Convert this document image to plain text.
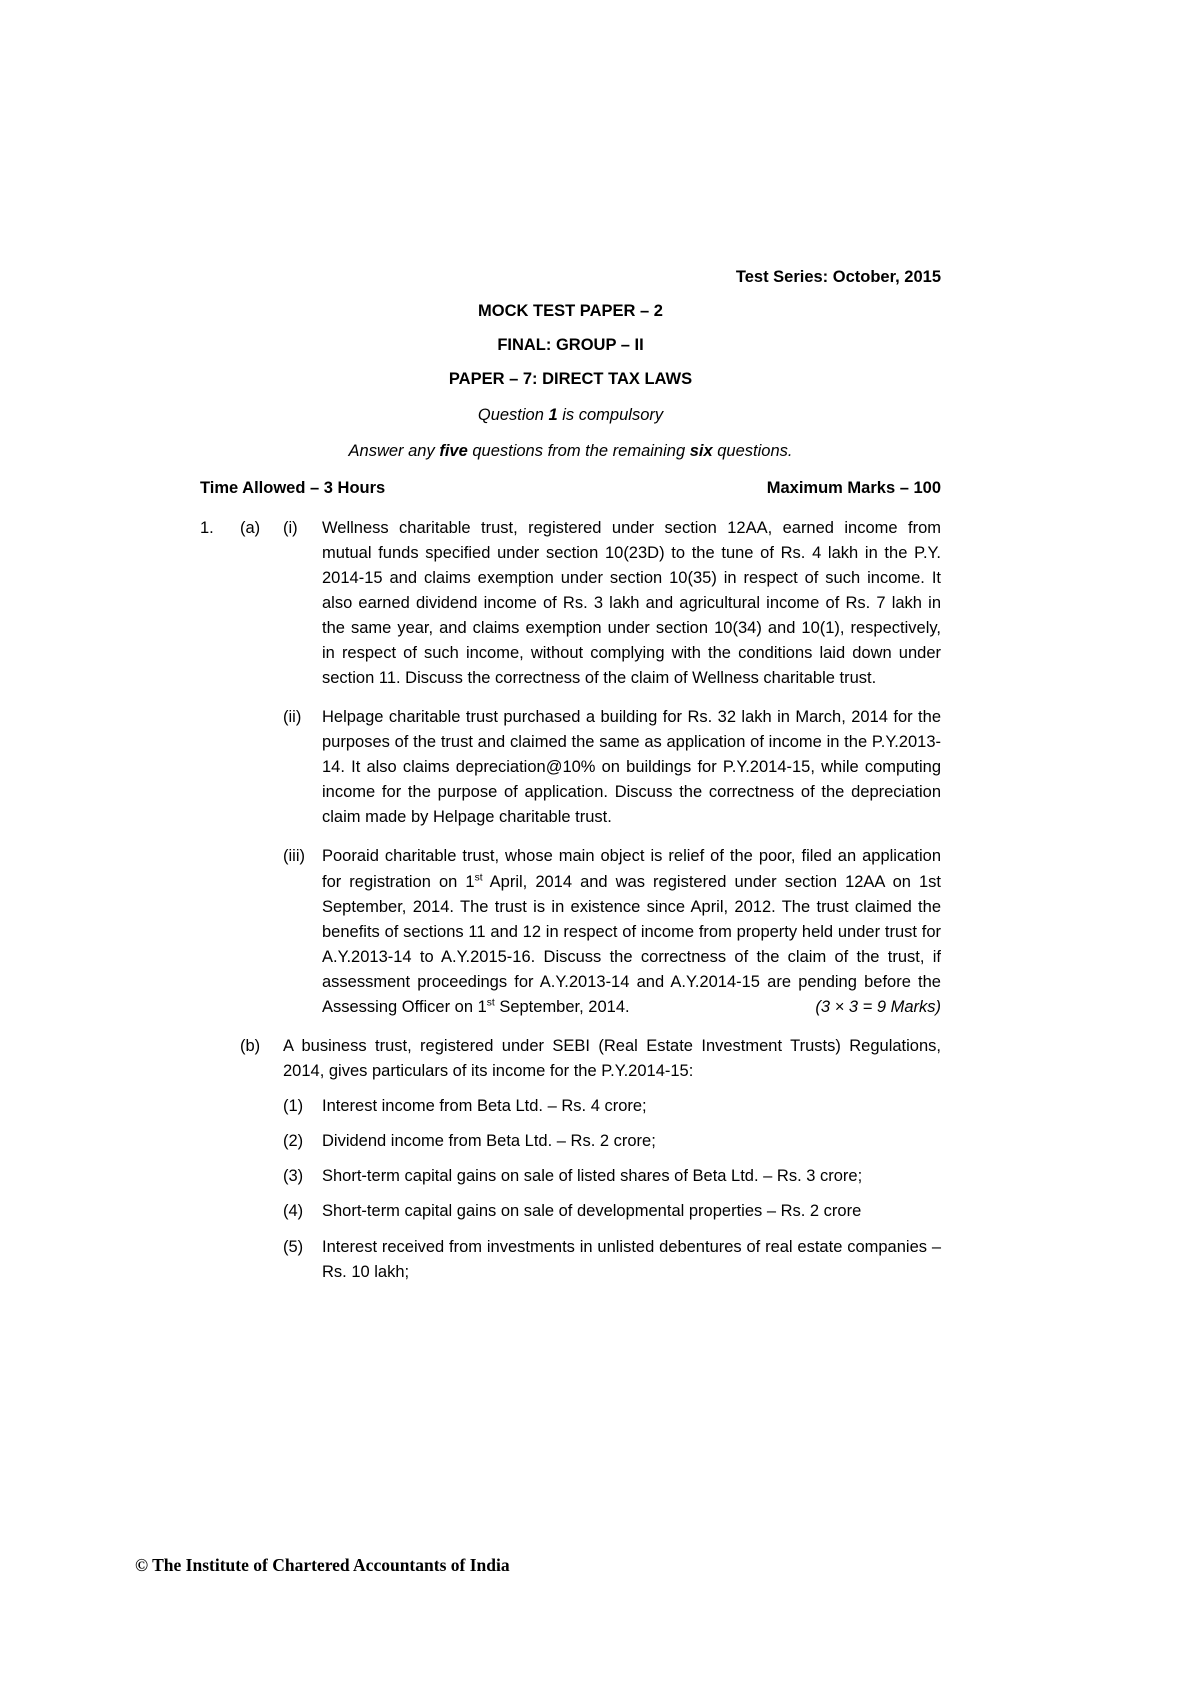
Test Series: October, 2015
MOCK TEST PAPER – 2
FINAL: GROUP – II
PAPER – 7: DIRECT TAX LAWS
Question 1 is compulsory
Answer any five questions from the remaining six questions.
Time Allowed – 3 Hours	Maximum Marks – 100
1.	(a)	(i)	Wellness charitable trust, registered under section 12AA, earned income from mutual funds specified under section 10(23D) to the tune of Rs. 4 lakh in the P.Y. 2014-15 and claims exemption under section 10(35) in respect of such income. It also earned dividend income of Rs. 3 lakh and agricultural income of Rs. 7 lakh in the same year, and claims exemption under section 10(34) and 10(1), respectively, in respect of such income, without complying with the conditions laid down under section 11. Discuss the correctness of the claim of Wellness charitable trust.
(ii)	Helpage charitable trust purchased a building for Rs. 32 lakh in March, 2014 for the purposes of the trust and claimed the same as application of income in the P.Y.2013-14. It also claims depreciation@10% on buildings for P.Y.2014-15, while computing income for the purpose of application. Discuss the correctness of the depreciation claim made by Helpage charitable trust.
(iii)	Pooraid charitable trust, whose main object is relief of the poor, filed an application for registration on 1st April, 2014 and was registered under section 12AA on 1st September, 2014. The trust is in existence since April, 2012. The trust claimed the benefits of sections 11 and 12 in respect of income from property held under trust for A.Y.2013-14 to A.Y.2015-16. Discuss the correctness of the claim of the trust, if assessment proceedings for A.Y.2013-14 and A.Y.2014-15 are pending before the Assessing Officer on 1st September, 2014.	(3 × 3 = 9 Marks)
(b)	A business trust, registered under SEBI (Real Estate Investment Trusts) Regulations, 2014, gives particulars of its income for the P.Y.2014-15:
(1)	Interest income from Beta Ltd. – Rs. 4 crore;
(2)	Dividend income from Beta Ltd. – Rs. 2 crore;
(3)	Short-term capital gains on sale of listed shares of Beta Ltd. – Rs. 3 crore;
(4)	Short-term capital gains on sale of developmental properties – Rs. 2 crore
(5)	Interest received from investments in unlisted debentures of real estate companies – Rs. 10 lakh;
© The Institute of Chartered Accountants of India
